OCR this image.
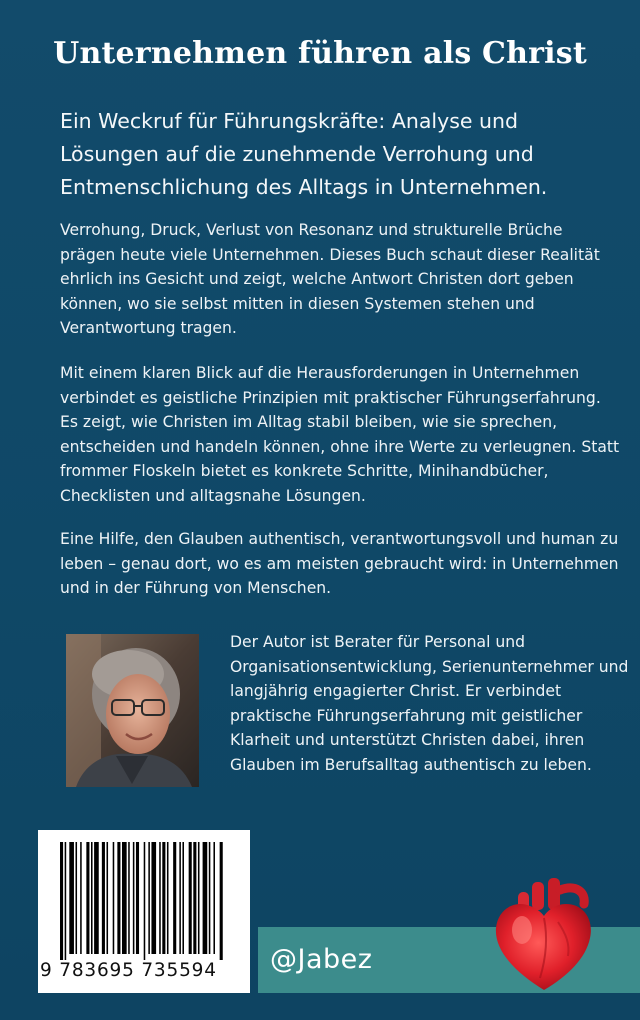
Unternehmen führen als Christ
Ein Weckruf für Führungskräfte: Analyse und Lösungen auf die zunehmende Verrohung und Entmenschlichung des Alltags in Unternehmen.
Verrohung, Druck, Verlust von Resonanz und strukturelle Brüche prägen heute viele Unternehmen. Dieses Buch schaut dieser Realität ehrlich ins Gesicht und zeigt, welche Antwort Christen dort geben können, wo sie selbst mitten in diesen Systemen stehen und Verantwortung tragen.
Mit einem klaren Blick auf die Herausforderungen in Unternehmen verbindet es geistliche Prinzipien mit praktischer Führungserfahrung. Es zeigt, wie Christen im Alltag stabil bleiben, wie sie sprechen, entscheiden und handeln können, ohne ihre Werte zu verleugnen. Statt frommer Floskeln bietet es konkrete Schritte, Minihandbücher, Checklisten und alltagsnahe Lösungen.
Eine Hilfe, den Glauben authentisch, verantwortungsvoll und human zu leben – genau dort, wo es am meisten gebraucht wird: in Unternehmen und in der Führung von Menschen.
Der Autor ist Berater für Personal und Organisationsentwicklung, Serienunternehmer und langjährig engagierter Christ. Er verbindet praktische Führungserfahrung mit geistlicher Klarheit und unterstützt Christen dabei, ihren Glauben im Berufsalltag authentisch zu leben.
@Jabez
9 783695 735594
